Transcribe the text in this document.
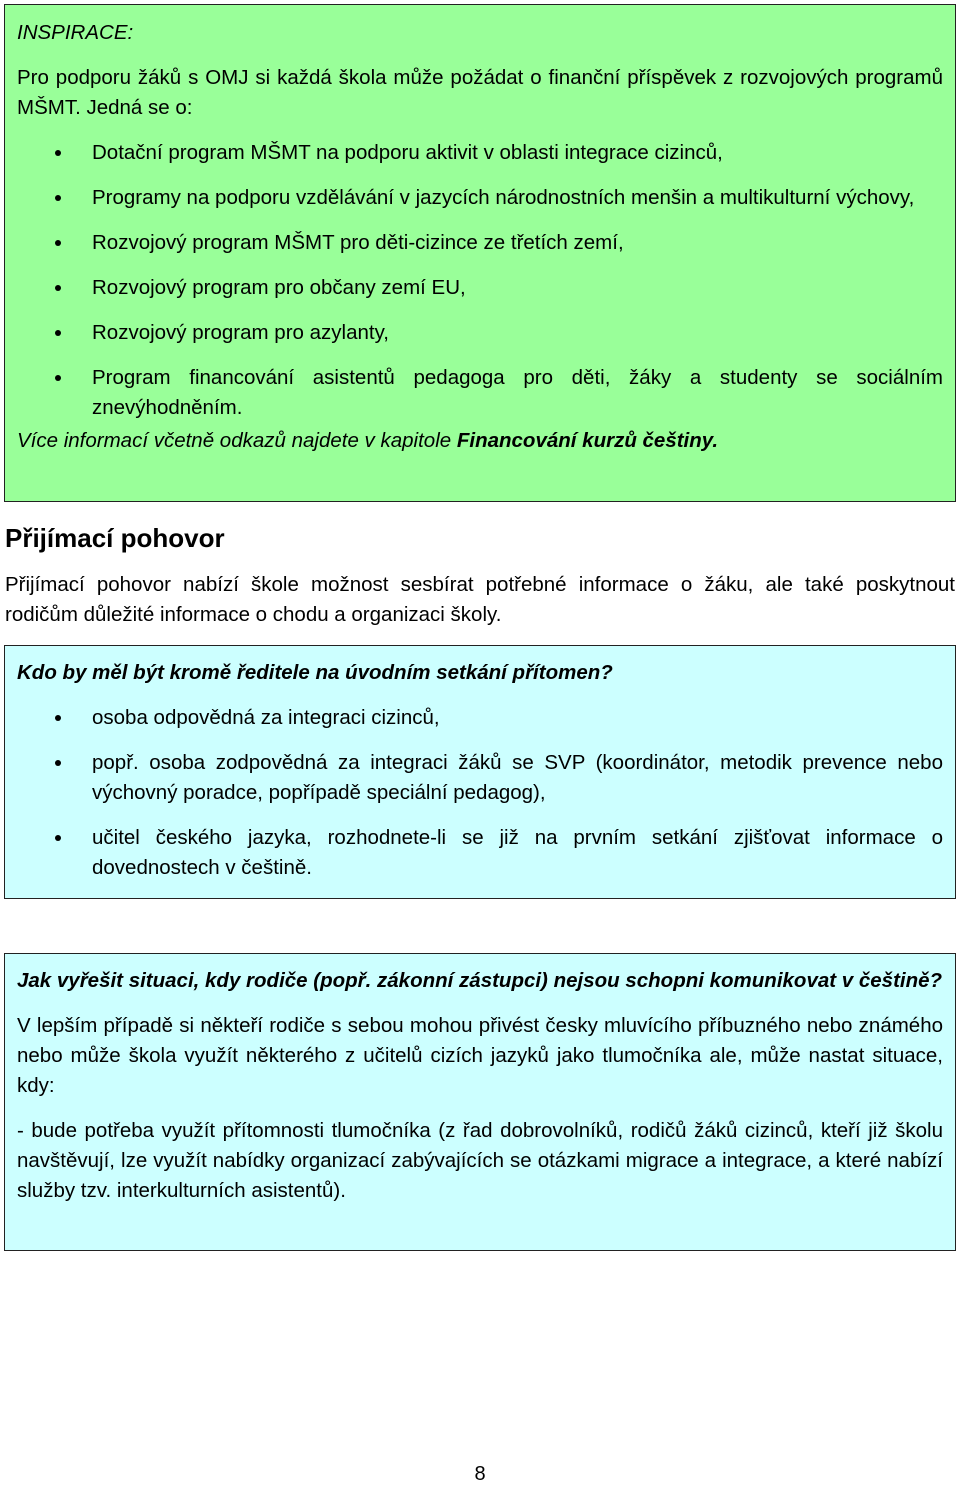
INSPIRACE:

Pro podporu žáků s OMJ si každá škola může požádat o finanční příspěvek z rozvojových programů MŠMT. Jedná se o:

Dotační program MŠMT na podporu aktivit v oblasti integrace cizinců,
Programy na podporu vzdělávání v jazycích národnostních menšin a multikulturní výchovy,
Rozvojový program MŠMT pro děti-cizince ze třetích zemí,
Rozvojový program pro občany zemí EU,
Rozvojový program pro azylanty,
Program financování asistentů pedagoga pro děti, žáky a studenty se sociálním znevýhodněním.

Více informací včetně odkazů najdete v kapitole Financování kurzů češtiny.

Přijímací pohovor

Přijímací pohovor nabízí škole možnost sesbírat potřebné informace o žáku, ale také poskytnout rodičům důležité informace o chodu a organizaci školy.

Kdo by měl být kromě ředitele na úvodním setkání přítomen?

osoba odpovědná za integraci cizinců,
popř. osoba zodpovědná za integraci žáků se SVP (koordinátor, metodik prevence nebo výchovný poradce, popřípadě speciální pedagog),
učitel českého jazyka, rozhodnete-li se již na prvním setkání zjišťovat informace o dovednostech v češtině.

Jak vyřešit situaci, kdy rodiče (popř. zákonní zástupci) nejsou schopni komunikovat v češtině?

V lepším případě si někteří rodiče s sebou mohou přivést česky mluvícího příbuzného nebo známého nebo může škola využít některého z učitelů cizích jazyků jako tlumočníka ale, může nastat situace, kdy:

- bude potřeba využít přítomnosti tlumočníka (z řad dobrovolníků, rodičů žáků cizinců, kteří již školu navštěvují, lze využít nabídky organizací zabývajících se otázkami migrace a integrace, a které nabízí služby tzv. interkulturních asistentů).

8
